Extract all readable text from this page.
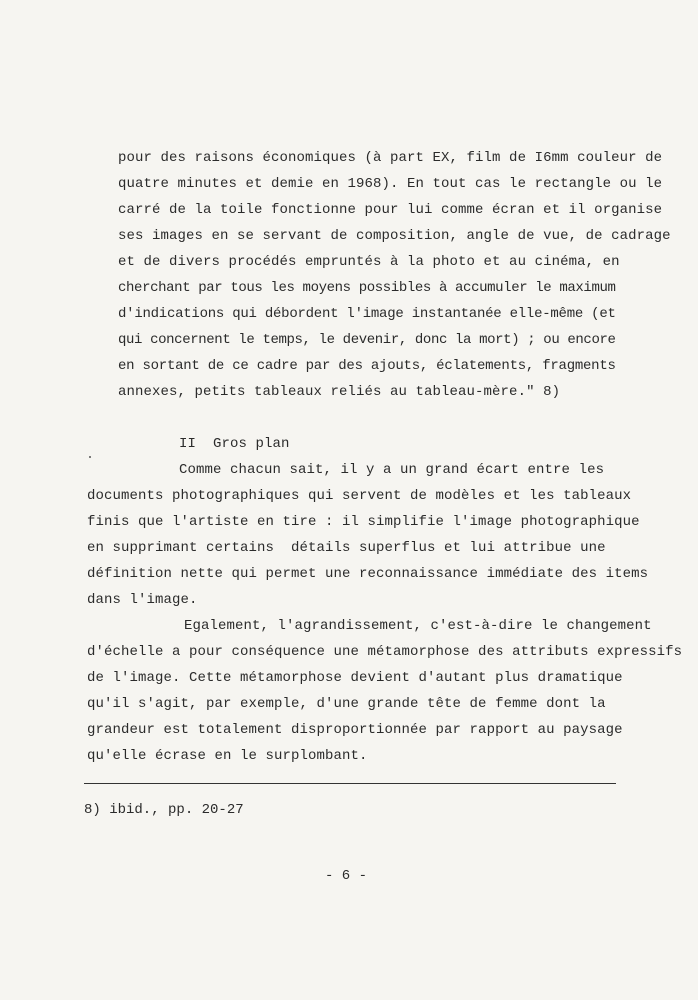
pour des raisons économiques (à part EX, film de I6mm couleur de
quatre minutes et demie en 1968). En tout cas le rectangle ou le
carré de la toile fonctionne pour lui comme écran et il organise
ses images en se servant de composition, angle de vue, de cadrage
et de divers procédés empruntés à la photo et au cinéma, en
cherchant par tous les moyens possibles à accumuler le maximum
d'indications qui débordent l'image instantanée elle-même (et
qui concernent le temps, le devenir, donc la mort) ; ou encore
en sortant de ce cadre par des ajouts, éclatements, fragments
annexes, petits tableaux reliés au tableau-mère." 8)
II  Gros plan
Comme chacun sait, il y a un grand écart entre les
documents photographiques qui servent de modèles et les tableaux
finis que l'artiste en tire : il simplifie l'image photographique
en supprimant certains  détails superflus et lui attribue une
définition nette qui permet une reconnaissance immédiate des items
dans l'image.
Egalement, l'agrandissement, c'est-à-dire le changement
d'échelle a pour conséquence une métamorphose des attributs expressifs
de l'image. Cette métamorphose devient d'autant plus dramatique
qu'il s'agit, par exemple, d'une grande tête de femme dont la
grandeur est totalement disproportionnée par rapport au paysage
qu'elle écrase en le surplombant.
8) ibid., pp. 20-27
- 6 -
